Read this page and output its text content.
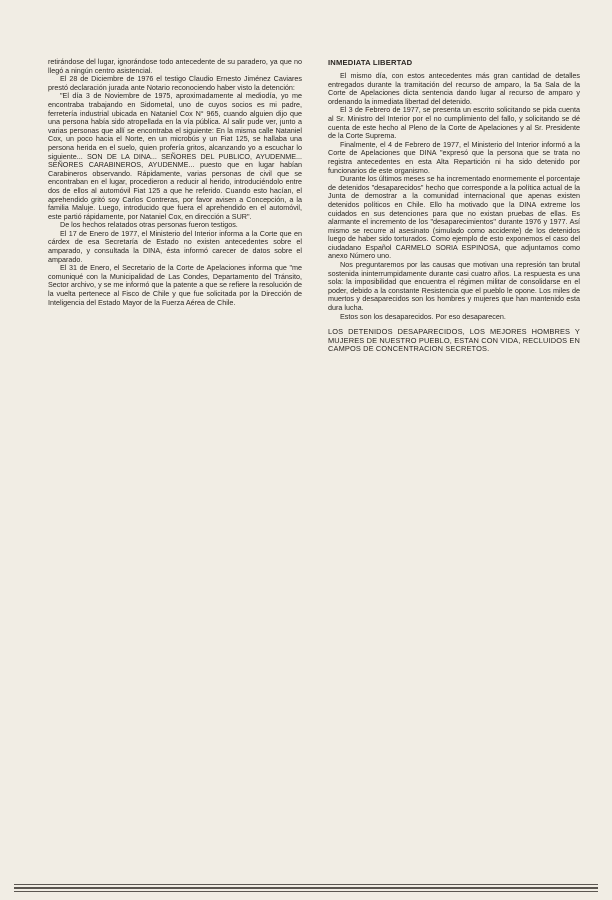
retirándose del lugar, ignorándose todo antecedente de su paradero, ya que no llegó a ningún centro asistencial.

El 28 de Diciembre de 1976 el testigo Claudio Ernesto Jiménez Caviares prestó declaración jurada ante Notario reconociendo haber visto la detención:

"El día 3 de Noviembre de 1975, aproximadamente al mediodía, yo me encontraba trabajando en Sidometal, uno de cuyos socios es mi padre, ferretería industrial ubicada en Nataniel Cox N° 965, cuando alguien dijo que una persona había sido atropellada en la vía pública. Al salir pude ver, junto a varias personas que allí se encontraba el siguiente: En la misma calle Nataniel Cox, un poco hacia el Norte, en un microbús y un Fiat 125, se hallaba una persona herida en el suelo, quien profería gritos, alcanzando yo a escuchar lo siguiente... SON DE LA DINA... SEÑORES DEL PUBLICO, AYUDENME... SEÑORES CARABINEROS, AYUDENME... puesto que en lugar habían Carabineros observando. Rápidamente, varias personas de civil que se encontraban en el lugar, procedieron a reducir al herido, introduciéndolo entre dos de ellos al automóvil Fiat 125 a que he referido. Cuando esto hacían, el aprehendido gritó soy Carlos Contreras, por favor avisen a Concepción, a la familia Maluje. Luego, introducido que fuera el aprehendido en el automóvil, este partió rápidamente, por Nataniel Cox, en dirección a SUR".

De los hechos relatados otras personas fueron testigos.

El 17 de Enero de 1977, el Ministerio del Interior informa a la Corte que en cárdex de esa Secretaría de Estado no existen antecedentes sobre el amparado, y consultada la DINA, ésta informó carecer de datos sobre el amparado.

El 31 de Enero, el Secretario de la Corte de Apelaciones informa que "me comuniqué con la Municipalidad de Las Condes, Departamento del Tránsito, Sector archivo, y se me informó que la patente a que se refiere la resolución de la vuelta pertenece al Fisco de Chile y que fue solicitada por la Dirección de Inteligencia del Estado Mayor de la Fuerza Aérea de Chile.

INMEDIATA LIBERTAD

El mismo día, con estos antecedentes más gran cantidad de detalles entregados durante la tramitación del recurso de amparo, la 5a Sala de la Corte de Apelaciones dicta sentencia dando lugar al recurso de amparo y ordenando la inmediata libertad del detenido.

El 3 de Febrero de 1977, se presenta un escrito solicitando se pida cuenta al Sr. Ministro del Interior por el no cumplimiento del fallo, y solicitando se dé cuenta de este hecho al Pleno de la Corte de Apelaciones y al Sr. Presidente de la Corte Suprema.

Finalmente, el 4 de Febrero de 1977, el Ministerio del Interior informó a la Corte de Apelaciones que DINA "expresó que la persona que se trata no registra antecedentes en esta Alta Repartición ni ha sido detenido por funcionarios de este organismo.

Durante los últimos meses se ha incrementado enormemente el porcentaje de detenidos "desaparecidos" hecho que corresponde a la política actual de la Junta de demostrar a la comunidad internacional que apenas existen detenidos políticos en Chile. Ello ha motivado que la DINA extreme los cuidados en sus detenciones para que no existan pruebas de ellas. Es alarmante el incremento de los "desaparecimientos" durante 1976 y 1977. Así mismo se recurre al asesinato (simulado como accidente) de los detenidos luego de haber sido torturados. Como ejemplo de esto exponemos el caso del ciudadano Español CARMELO SORIA ESPINOSA, que adjuntamos como anexo Número uno.

Nos preguntaremos por las causas que motivan una represión tan brutal sostenida ininterrumpidamente durante casi cuatro años. La respuesta es una sola: la imposibilidad que encuentra el régimen militar de consolidarse en el poder, debido a la constante Resistencia que el pueblo le opone. Los miles de muertos y desaparecidos son los hombres y mujeres que han mantenido esta dura lucha.

Estos son los desaparecidos. Por eso desaparecen.

LOS DETENIDOS DESAPARECIDOS, LOS MEJORES HOMBRES Y MUJERES DE NUESTRO PUEBLO, ESTAN CON VIDA, RECLUIDOS EN CAMPOS DE CONCENTRACION SECRETOS.
